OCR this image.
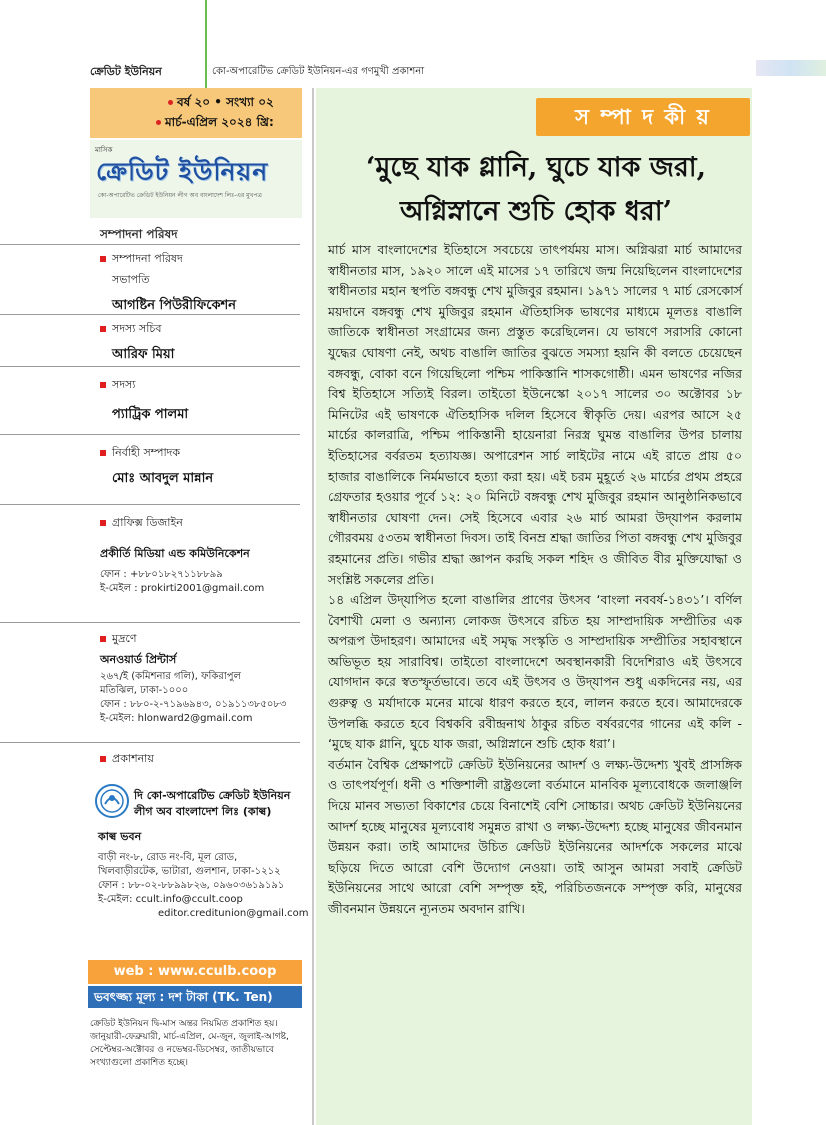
ক্রেডিট ইউনিয়ন	কো-অপারেটিভ ক্রেডিট ইউনিয়ন-এর গণমুখী প্রকাশনা
বর্ষ ২০ • সংখ্যা ০২
মার্চ-এপ্রিল ২০২৪ খ্রি:
মাসিক
ক্রেডিট ইউনিয়ন
কো-অপারেটিভ ক্রেডিট ইউনিয়ন লীগ অব বাংলাদেশ লিঃ-এর মুখপত্র
সম্পাদনা পরিষদ
সম্পাদনা পরিষদ
সভাপতি
আগষ্টিন পিউরীফিকেশন
সদস্য সচিব
আরিফ মিয়া
সদস্য
প্যাট্রিক পালমা
নির্বাহী সম্পাদক
মোঃ আবদুল মান্নান
গ্রাফিক্স ডিজাইন
প্রকীর্তি মিডিয়া এন্ড কমিউনিকেশন
ফোন : +৮৮০১৮২৭১১৮৮৯৯
ই-মেইল : prokirti2001@gmail.com
মুদ্রণে
অনওয়ার্ড প্রিন্টার্স
২৬৭/ই (কমিশনার গলি), ফকিরাপুল
মতিঝিল, ঢাকা-১০০০
ফোন : ৮৮০-২-৭১৯৬৯৪৩, ০১৯১১৩৮৫০৮৩
ই-মেইল: hlonward2@gmail.com
প্রকাশনায়
দি কো-অপারেটিভ ক্রেডিট ইউনিয়ন
লীগ অব বাংলাদেশ লিঃ (কাল্ব)
কাল্ব ভবন
বাড়ী নং-৮, রোড নং-বি, মূল রোড,
খিলবাড়ীরটেক, ভাটারা, গুলশান, ঢাকা-১২১২
ফোন : ৮৮-০২-৮৮৯৯৮২৬, ০৯৬০৩৬১৯১৯১
ই-মেইল: ccult.info@ccult.coop
editor.creditunion@gmail.com
web : www.cculb.coop
ভবৎজ্জ্য মূল্য : দশ টাকা (TK. Ten)
ক্রেডিট ইউনিয়ন দ্বি-মাস অন্তর নিয়মিত প্রকাশিত হয়। জানুয়ারী-ফেব্রুয়ারী, মার্চ-এপ্রিল, মে-জুন, জুলাই-আগষ্ট, সেপ্টেম্বর-অক্টোবর ও নভেম্বর-ডিসেম্বর, জাতীয়ভাবে সংখ্যাগুলো প্রকাশিত হচ্ছে।
স ম্পা দ কী য়
‘মুছে যাক গ্লানি, ঘুচে যাক জরা,
অগ্নিস্নানে শুচি হোক ধরা’

মার্চ মাস বাংলাদেশের ইতিহাসে সবচেয়ে তাৎপর্যময় মাস। অগ্নিঝরা মার্চ আমাদের স্বাধীনতার মাস, ১৯২০ সালে এই মাসের ১৭ তারিখে জন্ম নিয়েছিলেন বাংলাদেশের স্বাধীনতার মহান স্থপতি বঙ্গবন্ধু শেখ মুজিবুর রহমান। ১৯৭১ সালের ৭ মার্চ রেসকোর্স ময়দানে বঙ্গবন্ধু শেখ মুজিবুর রহমান ঐতিহাসিক ভাষণের মাধ্যমে মূলতঃ বাঙালি জাতিকে স্বাধীনতা সংগ্রামের জন্য প্রস্তুত করেছিলেন। যে ভাষণে সরাসরি কোনো যুদ্ধের ঘোষণা নেই, অথচ বাঙালি জাতির বুঝতে সমস্যা হয়নি কী বলতে চেয়েছেন বঙ্গবন্ধু, বোকা বনে গিয়েছিলো পশ্চিম পাকিস্তানি শাসকগোষ্ঠী। এমন ভাষণের নজির বিশ্ব ইতিহাসে সত্যিই বিরল। তাইতো ইউনেস্কো ২০১৭ সালের ৩০ অক্টোবর ১৮ মিনিটের এই ভাষণকে ঐতিহাসিক দলিল হিসেবে স্বীকৃতি দেয়। এরপর আসে ২৫ মার্চের কালরাত্রি, পশ্চিম পাকিস্তানী হায়েনারা নিরস্ত্র ঘুমন্ত বাঙালির উপর চালায় ইতিহাসের বর্বরতম হত্যাযজ্ঞ। অপারেশন সার্চ লাইটের নামে এই রাতে প্রায় ৫০ হাজার বাঙালিকে নির্মমভাবে হত্যা করা হয়। এই চরম মুহূর্তে ২৬ মার্চের প্রথম প্রহরে গ্রেফতার হওয়ার পূর্বে ১২: ২০ মিনিটে বঙ্গবন্ধু শেখ মুজিবুর রহমান আনুষ্ঠানিকভাবে স্বাধীনতার ঘোষণা দেন। সেই হিসেবে এবার ২৬ মার্চ আমরা উদ্‌যাপন করলাম গৌরবময় ৫৩তম স্বাধীনতা দিবস। তাই বিনম্র শ্রদ্ধা জাতির পিতা বঙ্গবন্ধু শেখ মুজিবুর রহমানের প্রতি। গভীর শ্রদ্ধা জ্ঞাপন করছি সকল শহিদ ও জীবিত বীর মুক্তিযোদ্ধা ও সংশ্লিষ্ট সকলের প্রতি।

১৪ এপ্রিল উদ্‌যাপিত হলো বাঙালির প্রাণের উৎসব ‘বাংলা নববর্ষ-১৪৩১’। বর্ণিল বৈশাখী মেলা ও অন্যান্য লোকজ উৎসবে রচিত হয় সাম্প্রদায়িক সম্প্রীতির এক অপরূপ উদাহরণ। আমাদের এই সমৃদ্ধ সংস্কৃতি ও সাম্প্রদায়িক সম্প্রীতির সহাবস্থানে অভিভূত হয় সারাবিশ্ব। তাইতো বাংলাদেশে অবস্থানকারী বিদেশিরাও এই উৎসবে যোগদান করে স্বতস্ফূর্তভাবে। তবে এই উৎসব ও উদ্‌যাপন শুধু একদিনের নয়, এর গুরুত্ব ও মর্যাদাকে মনের মাঝে ধারণ করতে হবে, লালন করতে হবে। আমাদেরকে উপলব্ধি করতে হবে বিশ্বকবি রবীন্দ্রনাথ ঠাকুর রচিত বর্ষবরণের গানের এই কলি - ‘মুছে যাক গ্লানি, ঘুচে যাক জরা, অগ্নিস্নানে শুচি হোক ধরা’।

বর্তমান বৈশ্বিক প্রেক্ষাপটে ক্রেডিট ইউনিয়নের আদর্শ ও লক্ষ্য-উদ্দেশ্য খুবই প্রাসঙ্গিক ও তাৎপর্যপূর্ণ। ধনী ও শক্তিশালী রাষ্ট্রগুলো বর্তমানে মানবিক মূল্যবোধকে জলাঞ্জলি দিয়ে মানব সভ্যতা বিকাশের চেয়ে বিনাশেই বেশি সোচ্চার। অথচ ক্রেডিট ইউনিয়নের আদর্শ হচ্ছে মানুষের মূল্যবোধ সমুন্নত রাখা ও লক্ষ্য-উদ্দেশ্য হচ্ছে মানুষের জীবনমান উন্নয়ন করা। তাই আমাদের উচিত ক্রেডিট ইউনিয়নের আদর্শকে সকলের মাঝে ছড়িয়ে দিতে আরো বেশি উদ্যোগ নেওয়া। তাই আসুন আমরা সবাই ক্রেডিট ইউনিয়নের সাথে আরো বেশি সম্পৃক্ত হই, পরিচিতজনকে সম্পৃক্ত করি, মানুষের জীবনমান উন্নয়নে ন্যূনতম অবদান রাখি।
